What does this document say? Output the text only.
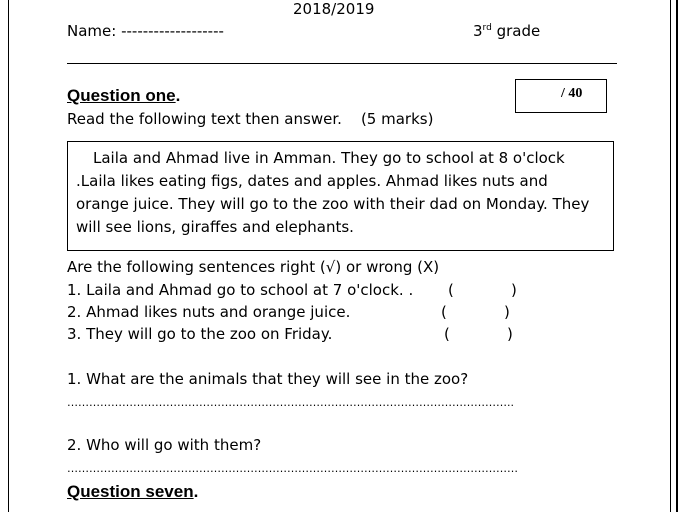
2018/2019
Name: -------------------	3rd grade
/ 40
Question one.
Read the following text then answer.    (5 marks)
Laila and Ahmad live in Amman. They go to school at 8 o'clock .Laila likes eating figs, dates and apples. Ahmad likes nuts and orange juice. They will go to the zoo with their dad on Monday. They will see lions, giraffes and elephants.
Are the following sentences right (√) or wrong (X)
1. Laila and Ahmad go to school at 7 o'clock. . (	)
2. Ahmad likes nuts and orange juice.	(	)
3. They will go to the zoo on Friday.	(	)
1. What are the animals that they will see in the zoo?
…………………………………………………………………………………………………………..
2. Who will go with them?
……………………………………………………………………………………………………………
Question seven.
